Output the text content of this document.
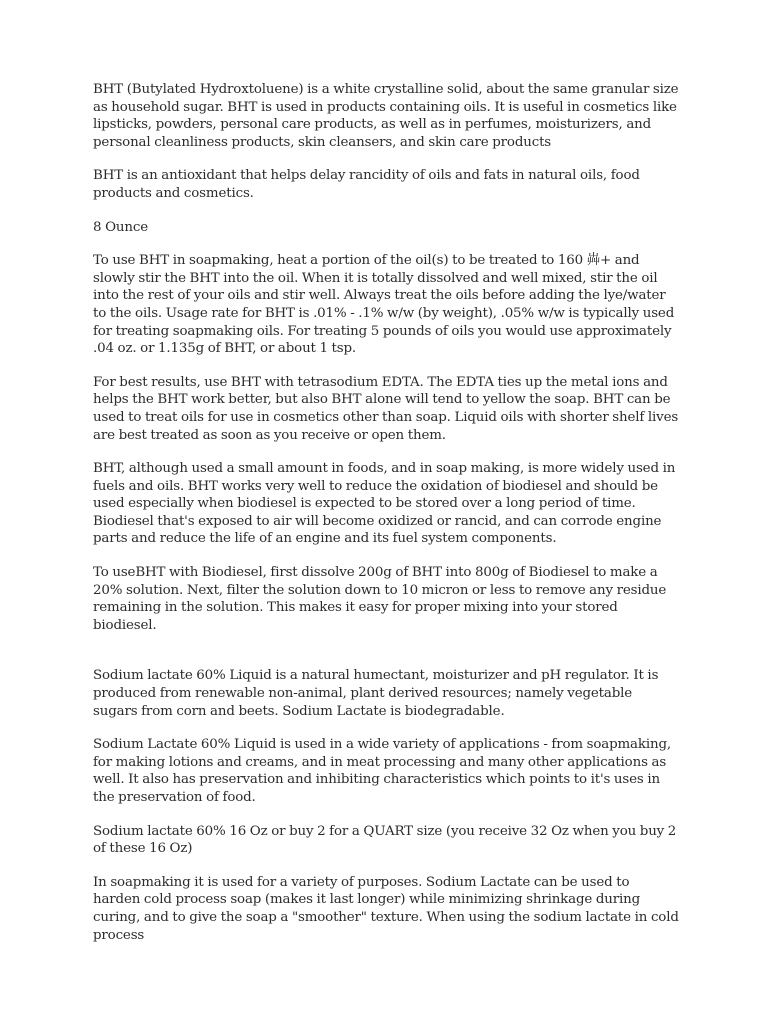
BHT (Butylated Hydroxtoluene) is a white crystalline solid, about the same granular size as household sugar. BHT is used in products containing oils. It is useful in cosmetics like lipsticks, powders, personal care products, as well as in perfumes, moisturizers, and personal cleanliness products, skin cleansers, and skin care products

BHT is an antioxidant that helps delay rancidity of oils and fats in natural oils, food products and cosmetics.

8 Ounce

To use BHT in soapmaking, heat a portion of the oil(s) to be treated to 160 芔+ and slowly stir the BHT into the oil. When it is totally dissolved and well mixed, stir the oil into the rest of your oils and stir well. Always treat the oils before adding the lye/water to the oils. Usage rate for BHT is .01% - .1% w/w (by weight), .05% w/w is typically used for treating soapmaking oils. For treating 5 pounds of oils you would use approximately .04 oz. or 1.135g of BHT, or about 1 tsp.

For best results, use BHT with tetrasodium EDTA. The EDTA ties up the metal ions and helps the BHT work better, but also BHT alone will tend to yellow the soap. BHT can be used to treat oils for use in cosmetics other than soap. Liquid oils with shorter shelf lives are best treated as soon as you receive or open them.

BHT, although used a small amount in foods, and in soap making, is more widely used in fuels and oils. BHT works very well to reduce the oxidation of biodiesel and should be used especially when biodiesel is expected to be stored over a long period of time. Biodiesel that's exposed to air will become oxidized or rancid, and can corrode engine parts and reduce the life of an engine and its fuel system components.

To useBHT with Biodiesel, first dissolve 200g of BHT into 800g of Biodiesel to make a 20% solution. Next, filter the solution down to 10 micron or less to remove any residue remaining in the solution. This makes it easy for proper mixing into your stored biodiesel.

Sodium lactate 60% Liquid is a natural humectant, moisturizer and pH regulator. It is produced from renewable non-animal, plant derived resources; namely vegetable sugars from corn and beets. Sodium Lactate is biodegradable.

Sodium Lactate 60% Liquid is used in a wide variety of applications - from soapmaking, for making lotions and creams, and in meat processing and many other applications as well. It also has preservation and inhibiting characteristics which points to it's uses in the preservation of food.

Sodium lactate 60% 16 Oz or buy 2 for a QUART size (you receive 32 Oz when you buy 2 of these 16 Oz)

In soapmaking it is used for a variety of purposes. Sodium Lactate can be used to harden cold process soap (makes it last longer) while minimizing shrinkage during curing, and to give the soap a "smoother" texture. When using the sodium lactate in cold process
